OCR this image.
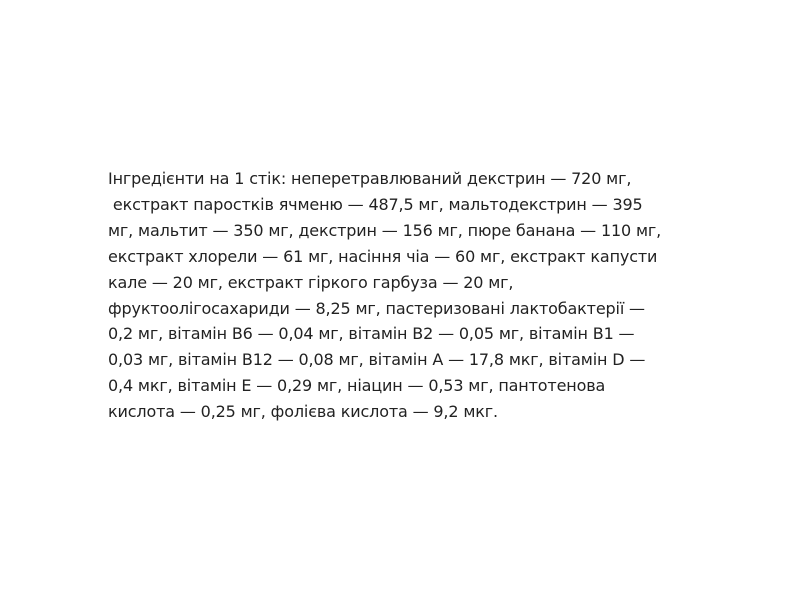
Інгредієнти на 1 стік: неперетравлюваний декстрин — 720 мг,
екстракт паростків ячменю — 487,5 мг, мальтодекстрин — 395
мг, мальтит — 350 мг, декстрин — 156 мг, пюре банана — 110 мг,
екстракт хлорели — 61 мг, насіння чіа — 60 мг, екстракт капусти
кале — 20 мг, екстракт гіркого гарбуза — 20 мг,
фруктоолігосахариди — 8,25 мг, пастеризовані лактобактерії —
0,2 мг, вітамін В6 — 0,04 мг, вітамін В2 — 0,05 мг, вітамін В1 —
0,03 мг, вітамін В12 — 0,08 мг, вітамін А — 17,8 мкг, вітамін D —
0,4 мкг, вітамін Е — 0,29 мг, ніацин — 0,53 мг, пантотенова
кислота — 0,25 мг, фолієва кислота — 9,2 мкг.
